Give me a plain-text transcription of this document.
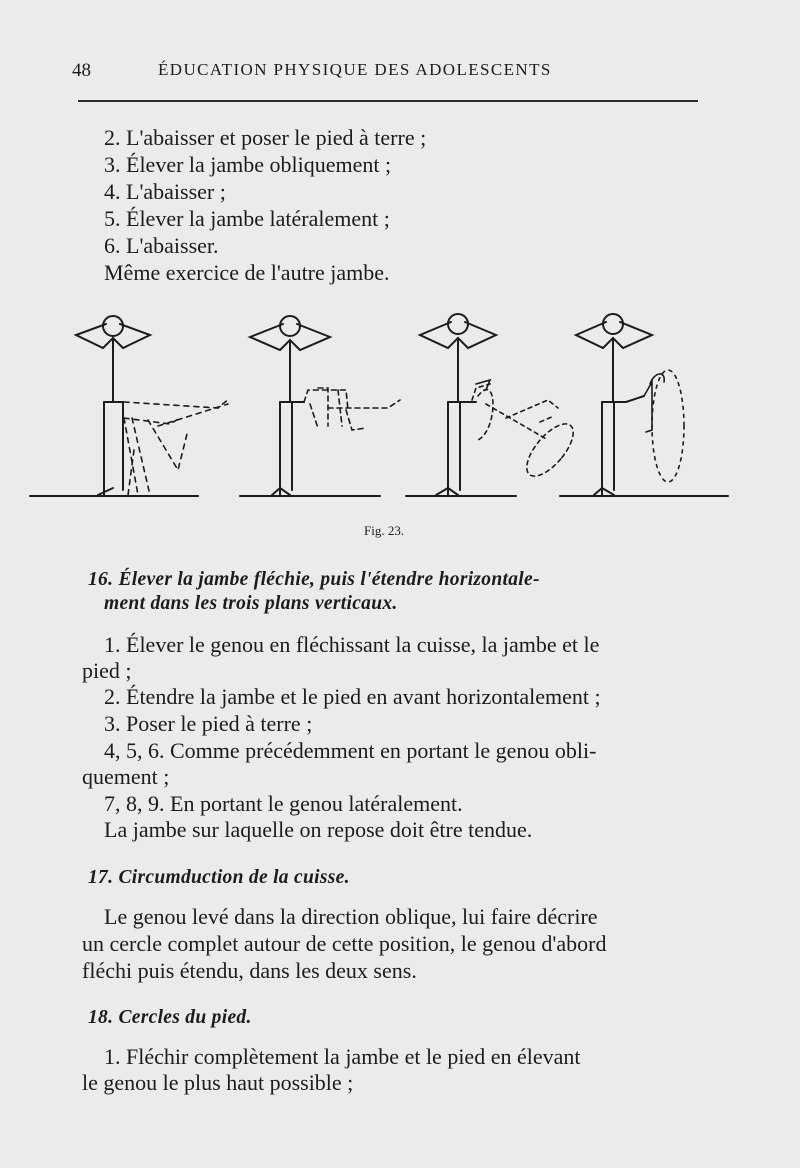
48	ÉDUCATION PHYSIQUE DES ADOLESCENTS
2. L'abaisser et poser le pied à terre ;
3. Élever la jambe obliquement ;
4. L'abaisser ;
5. Élever la jambe latéralement ;
6. L'abaisser.
Même exercice de l'autre jambe.
Fig. 23.
16. Élever la jambe fléchie, puis l'étendre horizontale-
ment dans les trois plans verticaux.
1. Élever le genou en fléchissant la cuisse, la jambe et le
pied ;
2. Étendre la jambe et le pied en avant horizontalement ;
3. Poser le pied à terre ;
4, 5, 6. Comme précédemment en portant le genou obli-
quement ;
7, 8, 9. En portant le genou latéralement.
La jambe sur laquelle on repose doit être tendue.
17. Circumduction de la cuisse.
Le genou levé dans la direction oblique, lui faire décrire
un cercle complet autour de cette position, le genou d'abord
fléchi puis étendu, dans les deux sens.
18. Cercles du pied.
1. Fléchir complètement la jambe et le pied en élevant
le genou le plus haut possible ;
